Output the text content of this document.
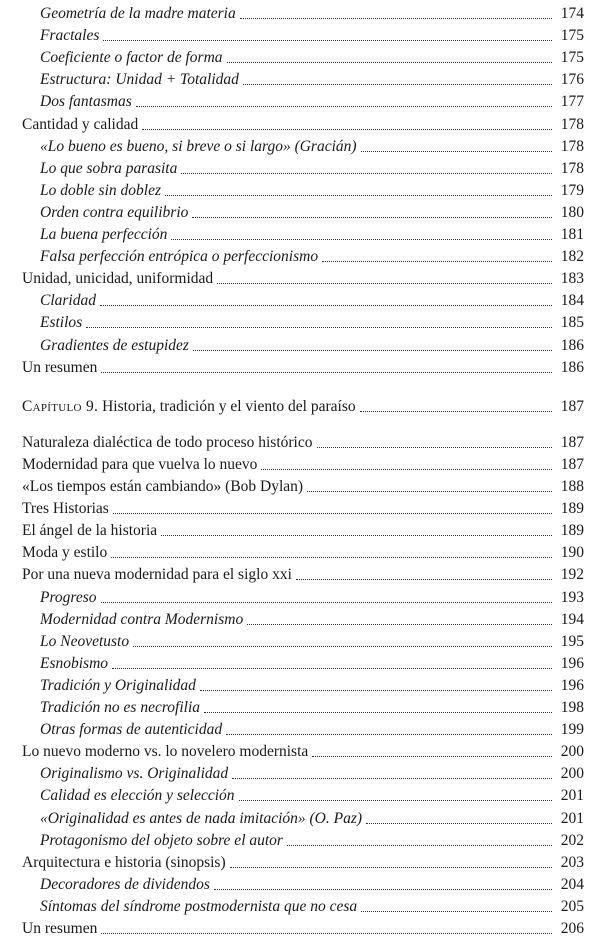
Geometría de la madre materia	174
Fractales	175
Coeficiente o factor de forma	175
Estructura: Unidad + Totalidad	176
Dos fantasmas	177
Cantidad y calidad	178
«Lo bueno es bueno, si breve o si largo» (Gracián)	178
Lo que sobra parasita	178
Lo doble sin doblez	179
Orden contra equilibrio	180
La buena perfección	181
Falsa perfección entrópica o perfeccionismo	182
Unidad, unicidad, uniformidad	183
Claridad	184
Estilos	185
Gradientes de estupidez	186
Un resumen	186
Capítulo 9. Historia, tradición y el viento del paraíso	187
Naturaleza dialéctica de todo proceso histórico	187
Modernidad para que vuelva lo nuevo	187
«Los tiempos están cambiando» (Bob Dylan)	188
Tres Historias	189
El ángel de la historia	189
Moda y estilo	190
Por una nueva modernidad para el siglo xxi	192
Progreso	193
Modernidad contra Modernismo	194
Lo Neovetusto	195
Esnobismo	196
Tradición y Originalidad	196
Tradición no es necrofilia	198
Otras formas de autenticidad	199
Lo nuevo moderno vs. lo novelero modernista	200
Originalismo vs. Originalidad	200
Calidad es elección y selección	201
«Originalidad es antes de nada imitación» (O. Paz)	201
Protagonismo del objeto sobre el autor	202
Arquitectura e historia (sinopsis)	203
Decoradores de dividendos	204
Síntomas del síndrome postmodernista que no cesa	205
Un resumen	206
